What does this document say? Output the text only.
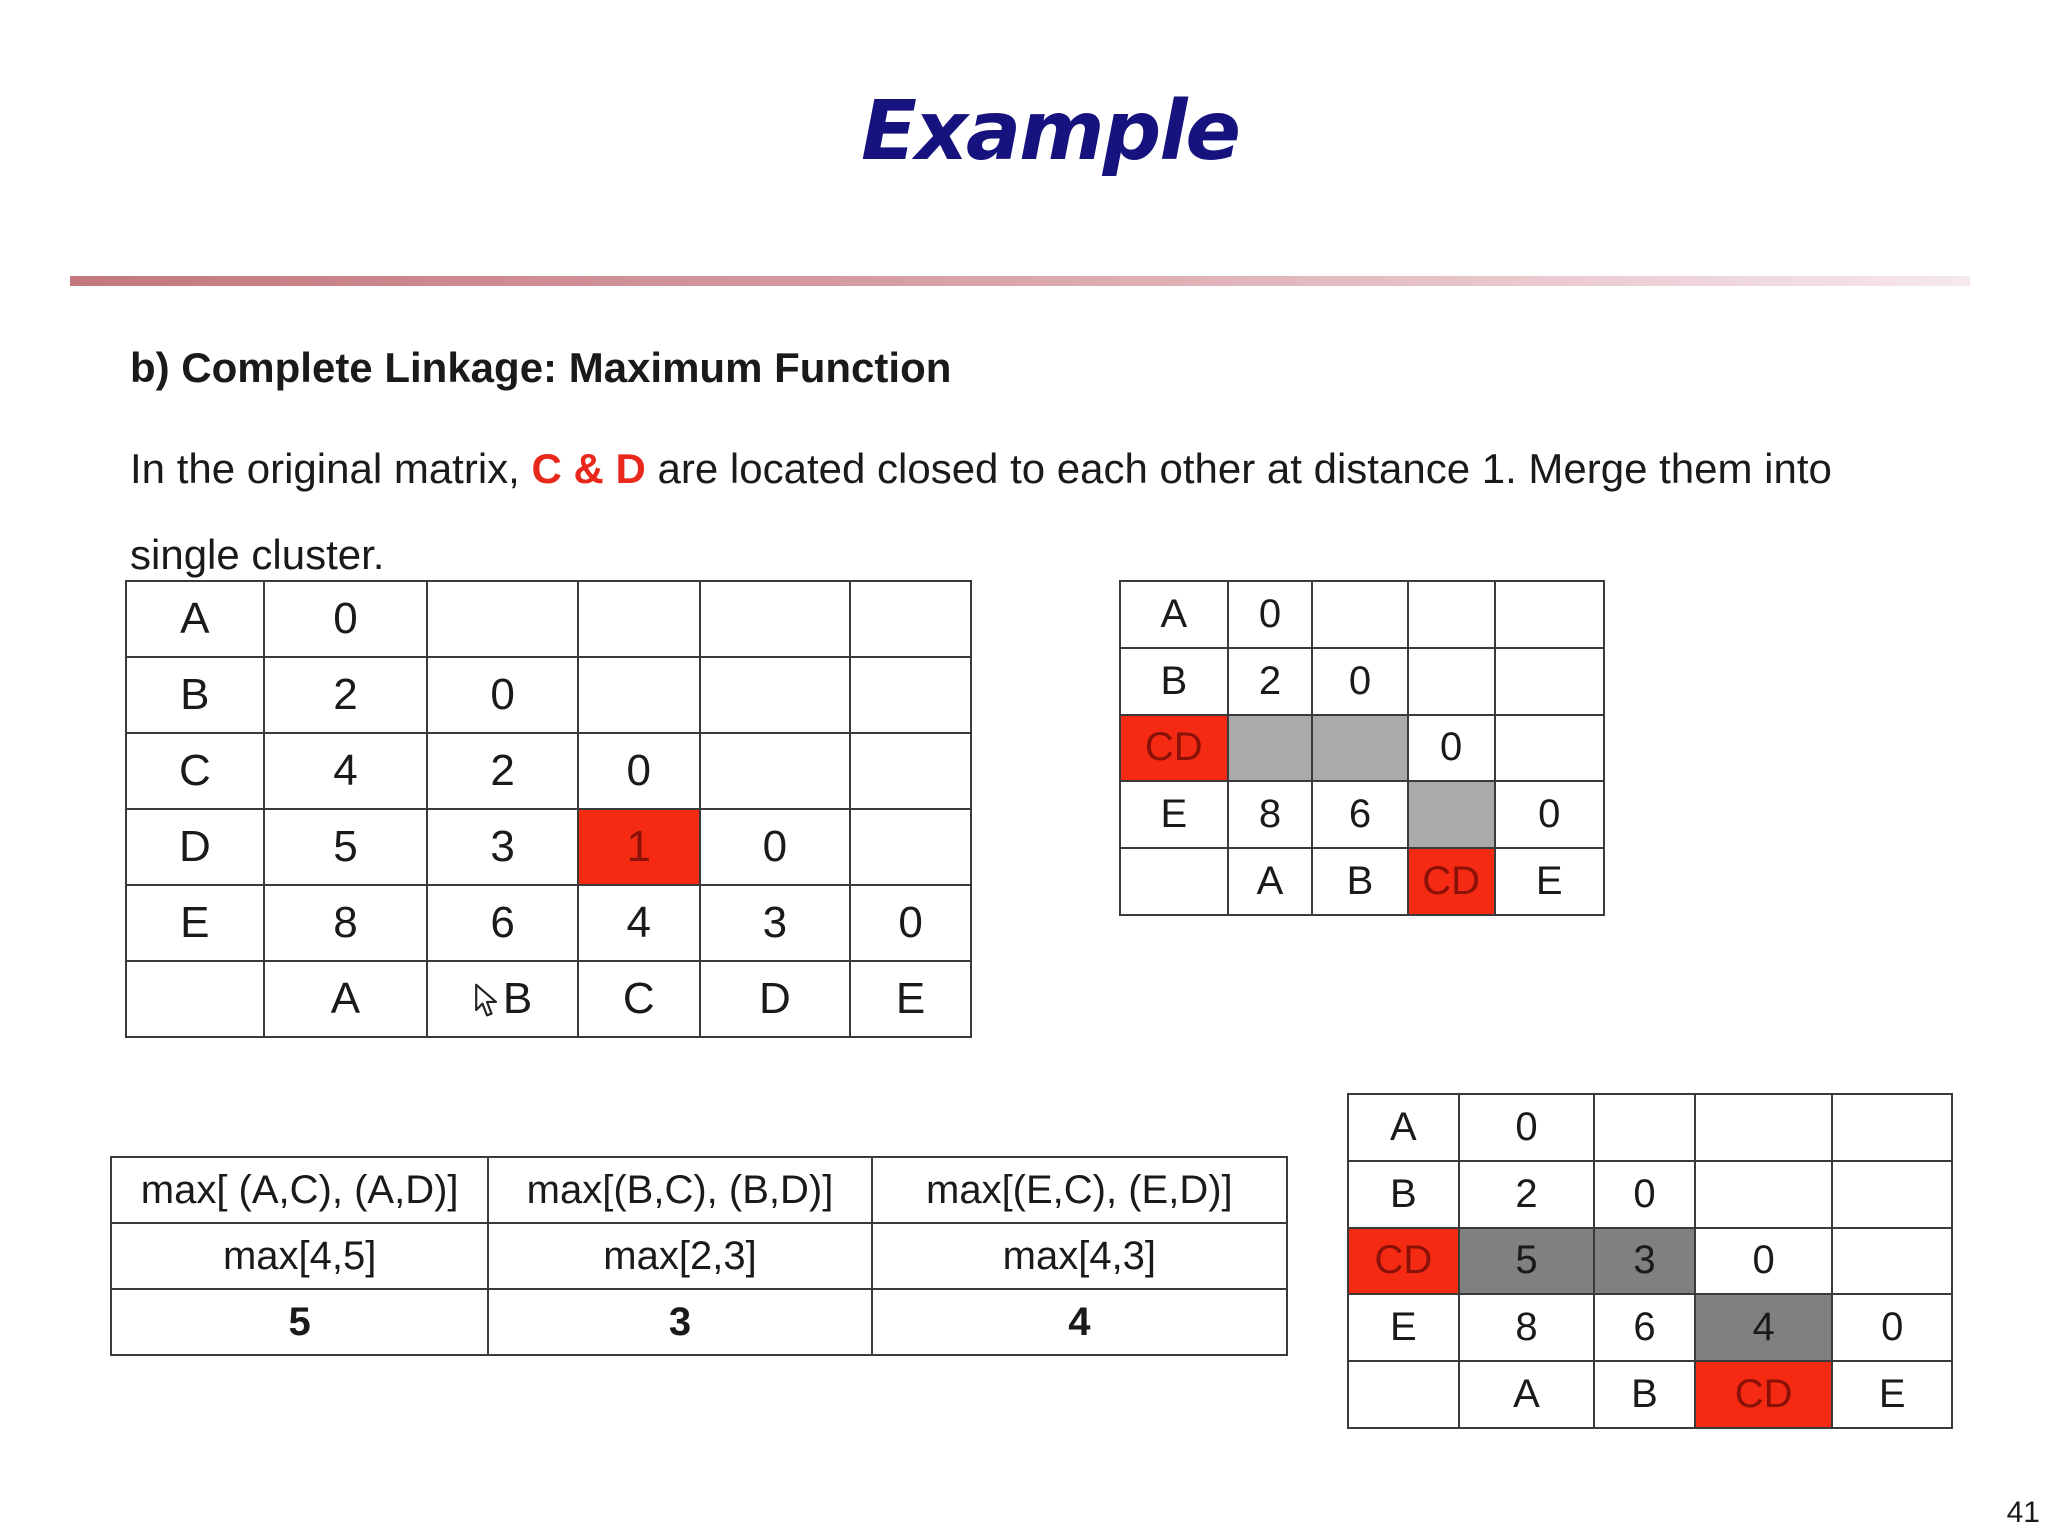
Example
b) Complete Linkage: Maximum Function
In the original matrix, C & D are located closed to each other at distance 1. Merge them into single cluster.
A	0				
B	2	0			
C	4	2	0		
D	5	3	1	0	
E	8	6	4	3	0
	A	B	C	D	E
A	0			
B	2	0		
CD			0	
E	8	6		0
	A	B	CD	E
max[ (A,C), (A,D)]	max[(B,C), (B,D)]	max[(E,C), (E,D)]
max[4,5]	max[2,3]	max[4,3]
5	3	4
A	0			
B	2	0		
CD	5	3	0	
E	8	6	4	0
	A	B	CD	E
41
